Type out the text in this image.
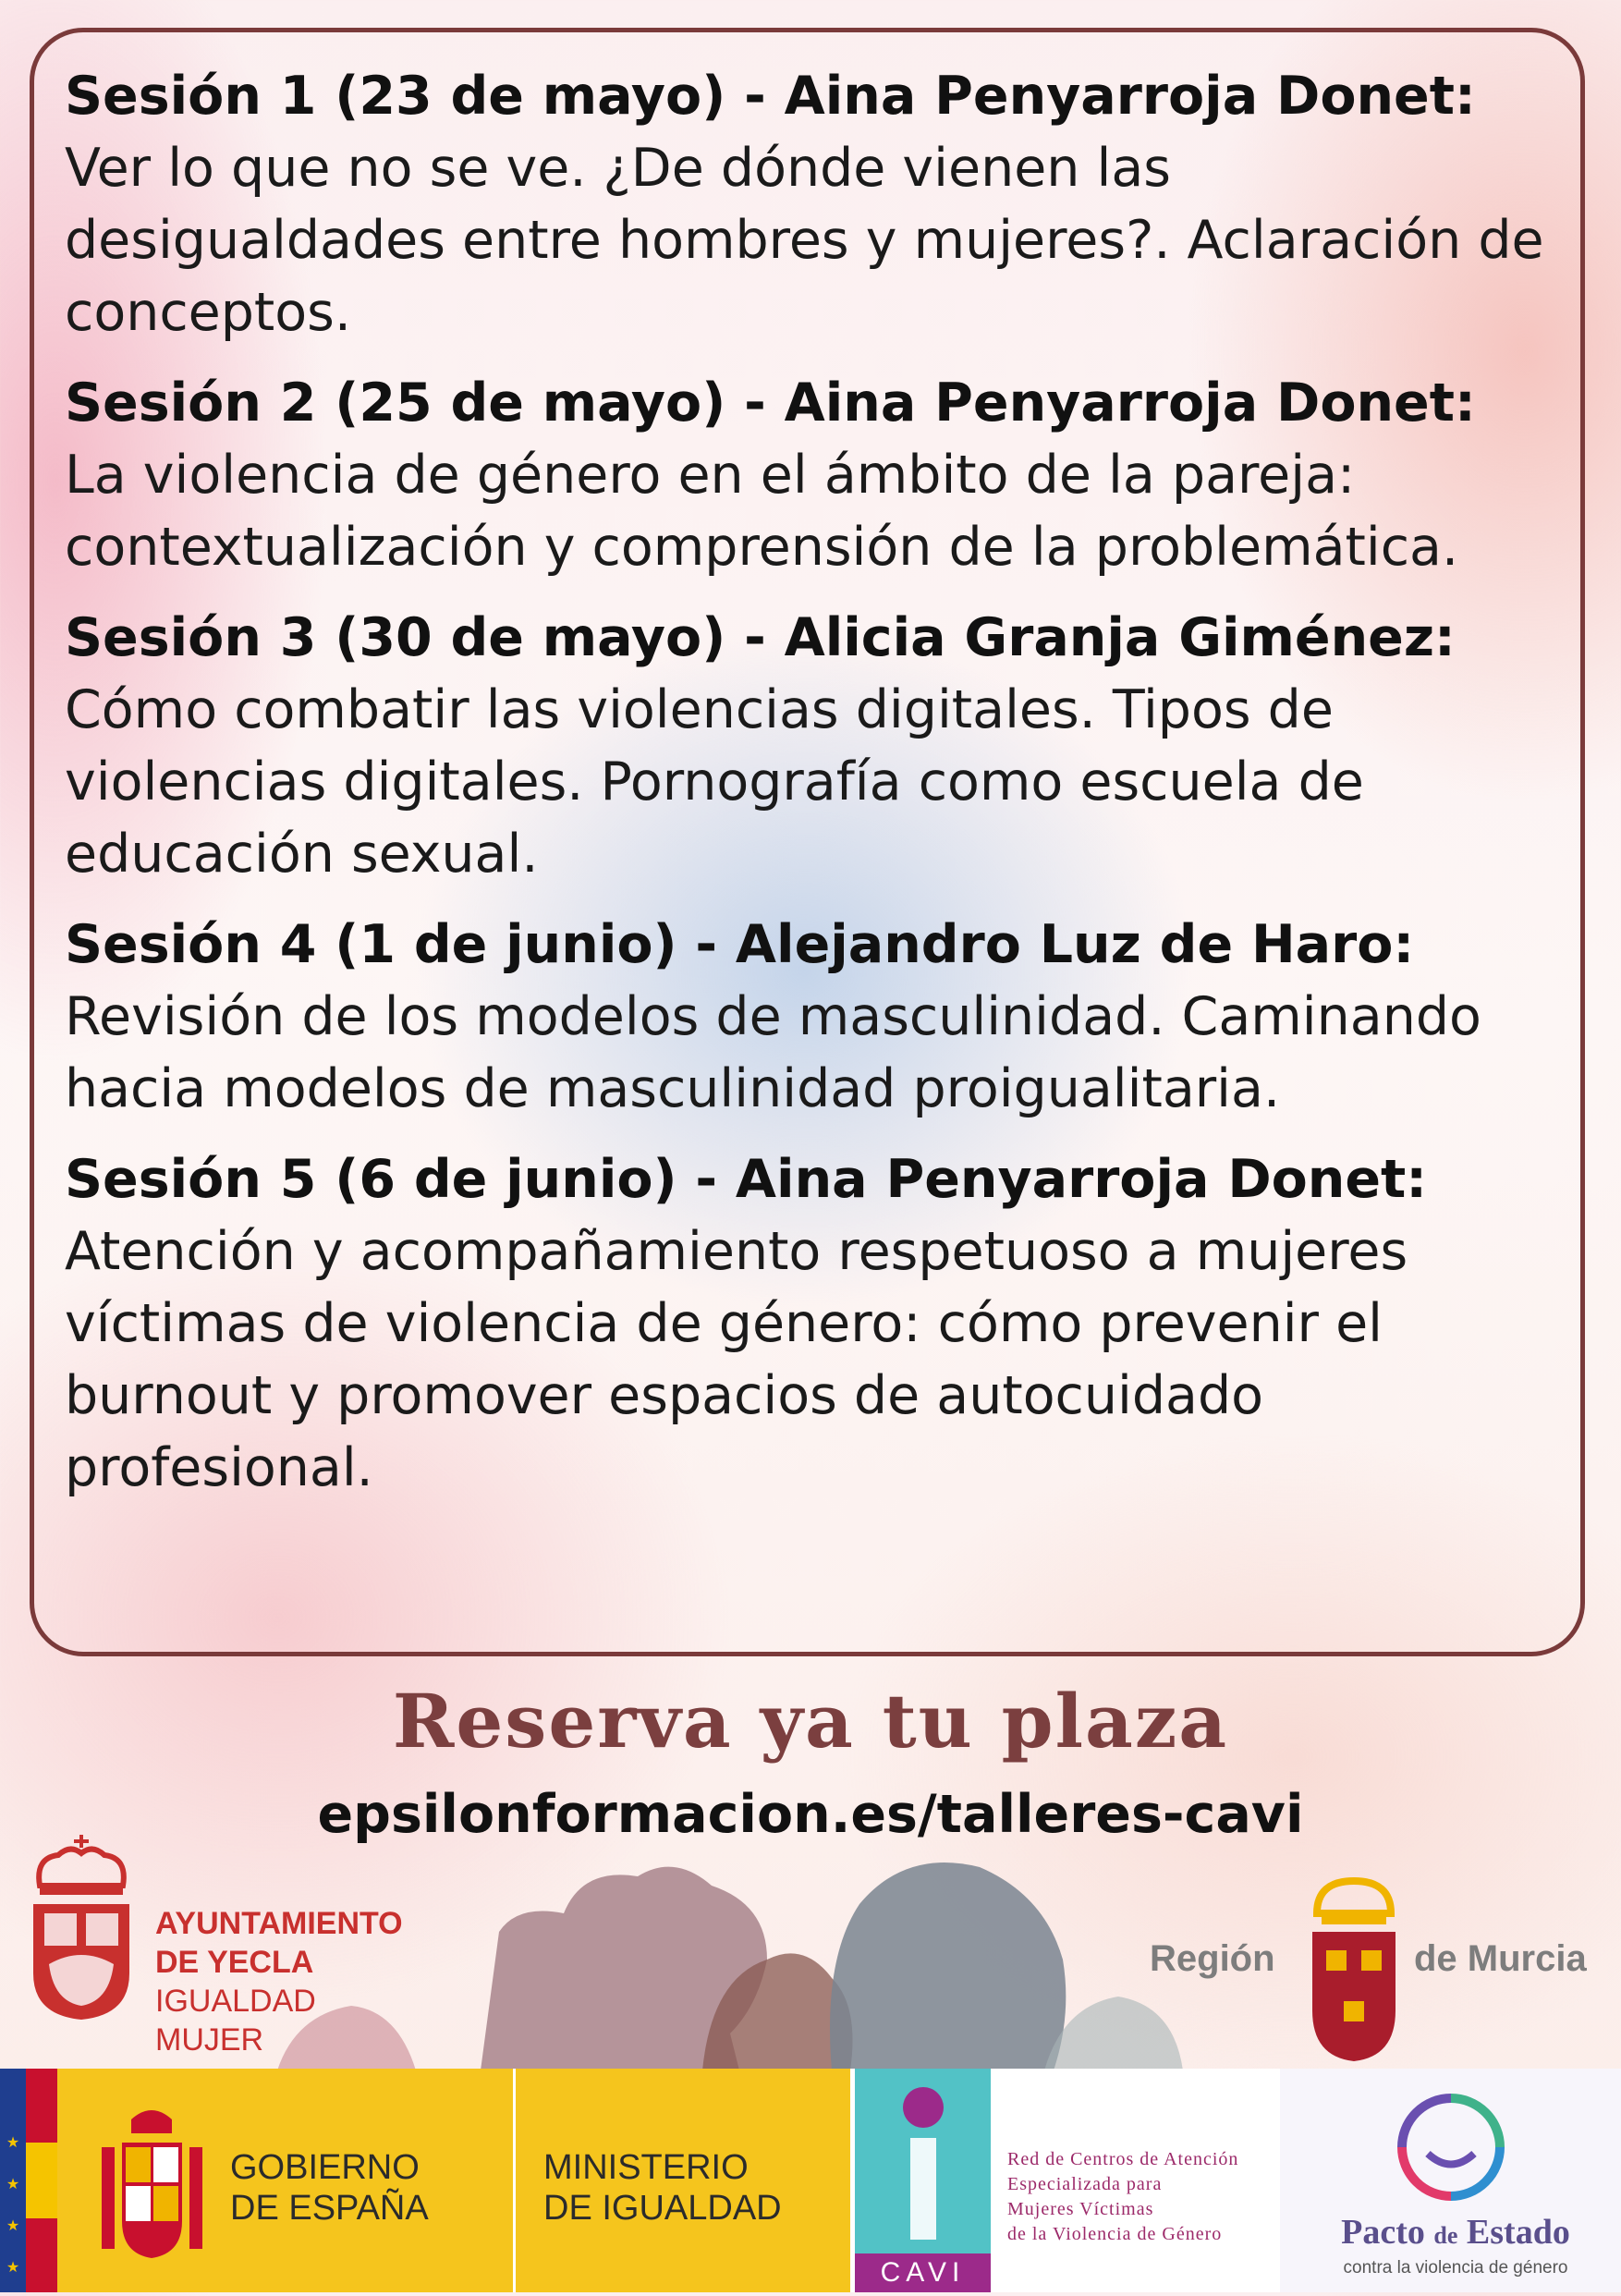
Sesión 1 (23 de mayo) - Aina Penyarroja Donet:
Ver lo que no se ve. ¿De dónde vienen las desigualdades entre hombres y mujeres?. Aclaración de conceptos.
Sesión 2 (25 de mayo) - Aina Penyarroja Donet:
La violencia de género en el ámbito de la pareja: contextualización y comprensión de la problemática.
Sesión 3 (30 de mayo) - Alicia Granja Giménez:
Cómo combatir las violencias digitales. Tipos de violencias digitales. Pornografía como escuela de educación sexual.
Sesión 4 (1 de junio) - Alejandro Luz de Haro:
Revisión de los modelos de masculinidad. Caminando hacia modelos de masculinidad proigualitaria.
Sesión 5 (6 de junio) - Aina Penyarroja Donet:
Atención y acompañamiento respetuoso a mujeres víctimas de violencia de género: cómo prevenir el burnout y promover espacios de autocuidado profesional.
Reserva ya tu plaza
epsilonformacion.es/talleres-cavi
AYUNTAMIENTO
DE YECLA
IGUALDAD
MUJER
Región	de Murcia
★
★
★
★
GOBIERNO
DE ESPAÑA
MINISTERIO
DE IGUALDAD
CAVI
Red de Centros de Atención
Especializada para
Mujeres Víctimas
de la Violencia de Género	Pacto de Estado
contra la violencia de género
